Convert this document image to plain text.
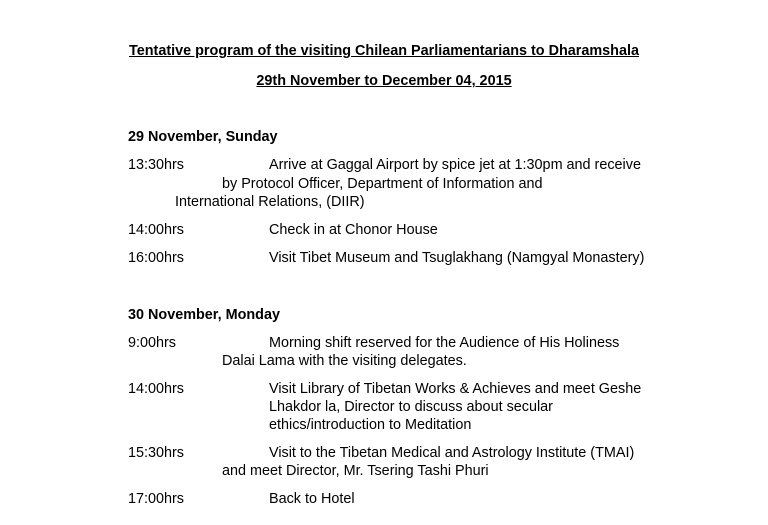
Tentative program of the visiting Chilean Parliamentarians to Dharamshala
29th November to December 04, 2015
29 November, Sunday
13:30hrs	Arrive at Gaggal Airport by spice jet at 1:30pm and receive
by Protocol Officer, Department of Information and
International Relations, (DIIR)
14:00hrs	Check in at Chonor House
16:00hrs	Visit Tibet Museum and Tsuglakhang (Namgyal Monastery)
30 November, Monday
9:00hrs	Morning shift reserved for the Audience of His Holiness
Dalai Lama with the visiting delegates.
14:00hrs	Visit Library of Tibetan Works & Achieves and meet Geshe
Lhakdor la, Director to discuss about secular
ethics/introduction to Meditation
15:30hrs	Visit to the Tibetan Medical and Astrology Institute (TMAI)
and meet Director, Mr. Tsering Tashi Phuri
17:00hrs	Back to Hotel
